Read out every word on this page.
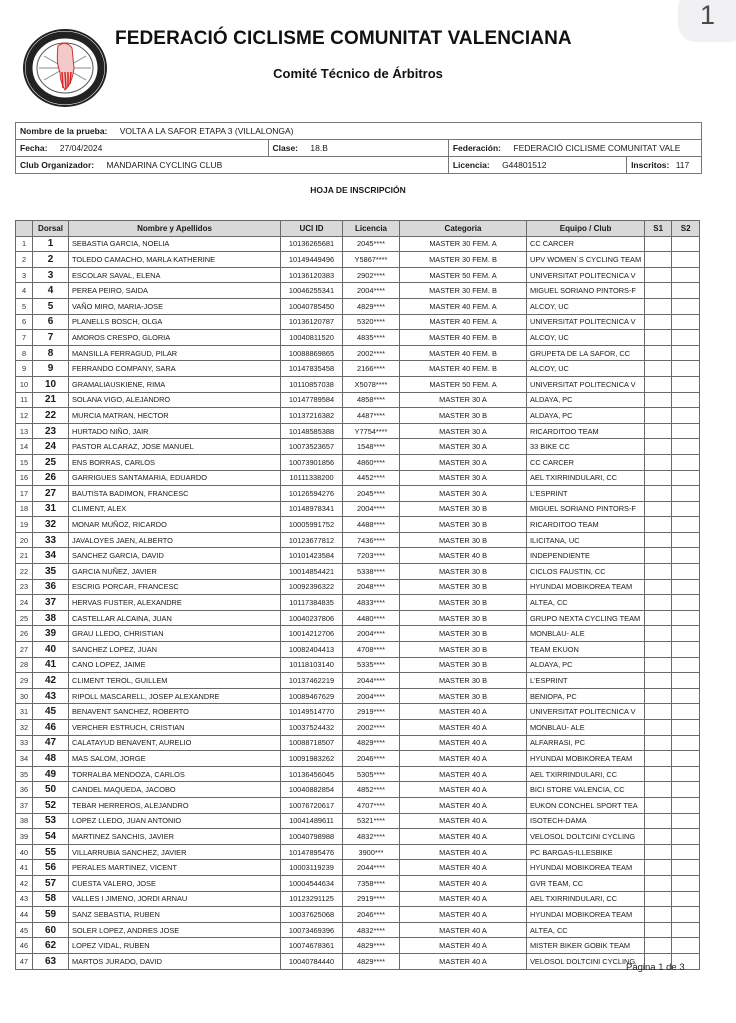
1
FEDERACIÓ CICLISME COMUNITAT VALENCIANA
Comité Técnico de Árbitros
Nombre de la prueba: VOLTA A LA SAFOR ETAPA 3 (VILLALONGA)			
Fecha: 27/04/2024	Clase: 18.B	Federación: FEDERACIÓ CICLISME COMUNITAT VALE	
Club Organizador: MANDARINA CYCLING CLUB		Licencia: G44801512	Inscritos: 117
HOJA DE INSCRIPCIÓN
	Dorsal	Nombre y Apellidos	UCI ID	Licencia	Categoria	Equipo / Club	S1	S2
1	1	SEBASTIA GARCIA, NOELIA	10136265681	2045****	MASTER 30 FEM. A	CC CARCER		
2	2	TOLEDO CAMACHO, MARLA KATHERINE	10149449496	Y5867****	MASTER 30 FEM. B	UPV WOMEN´S CYCLING TEAM		
3	3	ESCOLAR SAVAL, ELENA	10136120383	2902****	MASTER 50 FEM. A	UNIVERSITAT POLITECNICA V		
4	4	PEREA PEIRO, SAIDA	10046255341	2004****	MASTER 30 FEM. B	MIGUEL SORIANO PINTORS-F		
5	5	VAÑO MIRO, MARIA-JOSE	10040785450	4829****	MASTER 40 FEM. A	ALCOY, UC		
6	6	PLANELLS BOSCH, OLGA	10136120787	5320****	MASTER 40 FEM. A	UNIVERSITAT POLITECNICA V		
7	7	AMOROS CRESPO, GLORIA	10040811520	4835****	MASTER 40 FEM. B	ALCOY, UC		
8	8	MANSILLA FERRAGUD, PILAR	10088869865	2002****	MASTER 40 FEM. B	GRUPETA DE LA SAFOR, CC		
9	9	FERRANDO COMPANY, SARA	10147835458	2166****	MASTER 40 FEM. B	ALCOY, UC		
10	10	GRAMALIAUSKIENE, RIMA	10110857038	X5078****	MASTER 50 FEM. A	UNIVERSITAT POLITECNICA V		
11	21	SOLANA VIGO, ALEJANDRO	10147789584	4858****	MASTER 30 A	ALDAYA, PC		
12	22	MURCIA MATRAN, HECTOR	10137216382	4487****	MASTER 30 B	ALDAYA, PC		
13	23	HURTADO NIÑO, JAIR	10148585388	Y7754****	MASTER 30 A	RICARDITOO TEAM		
14	24	PASTOR ALCARAZ, JOSE MANUEL	10073523657	1548****	MASTER 30 A	33 BIKE CC		
15	25	ENS BORRAS, CARLOS	10073901856	4860****	MASTER 30 A	CC CARCER		
16	26	GARRIGUES SANTAMARIA, EDUARDO	10111338200	4452****	MASTER 30 A	AEL TXIRRINDULARI, CC		
17	27	BAUTISTA BADIMON, FRANCESC	10126594276	2045****	MASTER 30 A	L'ESPRINT		
18	31	CLIMENT, ALEX	10148978341	2004****	MASTER 30 B	MIGUEL SORIANO PINTORS-F		
19	32	MONAR MUÑOZ, RICARDO	10005991752	4488****	MASTER 30 B	RICARDITOO TEAM		
20	33	JAVALOYES JAEN, ALBERTO	10123677812	7436****	MASTER 30 B	ILICITANA, UC		
21	34	SANCHEZ GARCIA, DAVID	10101423584	7203****	MASTER 40 B	INDEPENDIENTE		
22	35	GARCIA NUÑEZ, JAVIER	10014854421	5338****	MASTER 30 B	CICLOS FAUSTIN, CC		
23	36	ESCRIG PORCAR, FRANCESC	10092396322	2048****	MASTER 30 B	HYUNDAI MOBIKOREA TEAM		
24	37	HERVAS FUSTER, ALEXANDRE	10117384835	4833****	MASTER 30 B	ALTEA, CC		
25	38	CASTELLAR ALCAINA, JUAN	10040237806	4480****	MASTER 30 B	GRUPO NEXTA CYCLING TEAM		
26	39	GRAU LLEDO, CHRISTIAN	10014212706	2004****	MASTER 30 B	MONBLAU- ALE		
27	40	SANCHEZ LOPEZ, JUAN	10082404413	4708****	MASTER 30 B	TEAM EKUON		
28	41	CANO LOPEZ, JAIME	10118103140	5335****	MASTER 30 B	ALDAYA, PC		
29	42	CLIMENT TEROL, GUILLEM	10137462219	2044****	MASTER 30 B	L'ESPRINT		
30	43	RIPOLL MASCARELL, JOSEP ALEXANDRE	10089467629	2004****	MASTER 30 B	BENIOPA, PC		
31	45	BENAVENT SANCHEZ, ROBERTO	10149514770	2919****	MASTER 40 A	UNIVERSITAT POLITECNICA V		
32	46	VERCHER ESTRUCH, CRISTIAN	10037524432	2002****	MASTER 40 A	MONBLAU- ALE		
33	47	CALATAYUD BENAVENT, AURELIO	10088718507	4829****	MASTER 40 A	ALFARRASI, PC		
34	48	MAS SALOM, JORGE	10091983262	2046****	MASTER 40 A	HYUNDAI MOBIKOREA TEAM		
35	49	TORRALBA MENDOZA, CARLOS	10136456045	5305****	MASTER 40 A	AEL TXIRRINDULARI, CC		
36	50	CANDEL MAQUEDA, JACOBO	10040882854	4852****	MASTER 40 A	BICI STORE VALENCIA, CC		
37	52	TEBAR HERREROS, ALEJANDRO	10076720617	4707****	MASTER 40 A	EUKON CONCHEL SPORT TEA		
38	53	LOPEZ LLEDO, JUAN ANTONIO	10041489611	5321****	MASTER 40 A	ISOTECH-DAMA		
39	54	MARTINEZ SANCHIS, JAVIER	10040798988	4832****	MASTER 40 A	VELOSOL DOLTCINI CYCLING		
40	55	VILLARRUBIA SANCHEZ, JAVIER	10147895476	3900***	MASTER 40 A	PC BARGAS-ILLESBIKE		
41	56	PERALES MARTINEZ, VICENT	10003119239	2044****	MASTER 40 A	HYUNDAI MOBIKOREA TEAM		
42	57	CUESTA VALERO, JOSE	10004544634	7358****	MASTER 40 A	GVR TEAM, CC		
43	58	VALLES I JIMENO, JORDI ARNAU	10123291125	2919****	MASTER 40 A	AEL TXIRRINDULARI, CC		
44	59	SANZ SEBASTIA, RUBEN	10037625068	2046****	MASTER 40 A	HYUNDAI MOBIKOREA TEAM		
45	60	SOLER LOPEZ, ANDRES JOSE	10073469396	4832****	MASTER 40 A	ALTEA, CC		
46	62	LOPEZ VIDAL, RUBEN	10074678361	4829****	MASTER 40 A	MISTER BIKER GOBIK TEAM		
47	63	MARTOS JURADO, DAVID	10040784440	4829****	MASTER 40 A	VELOSOL DOLTCINI CYCLING		
Página 1 de 3
